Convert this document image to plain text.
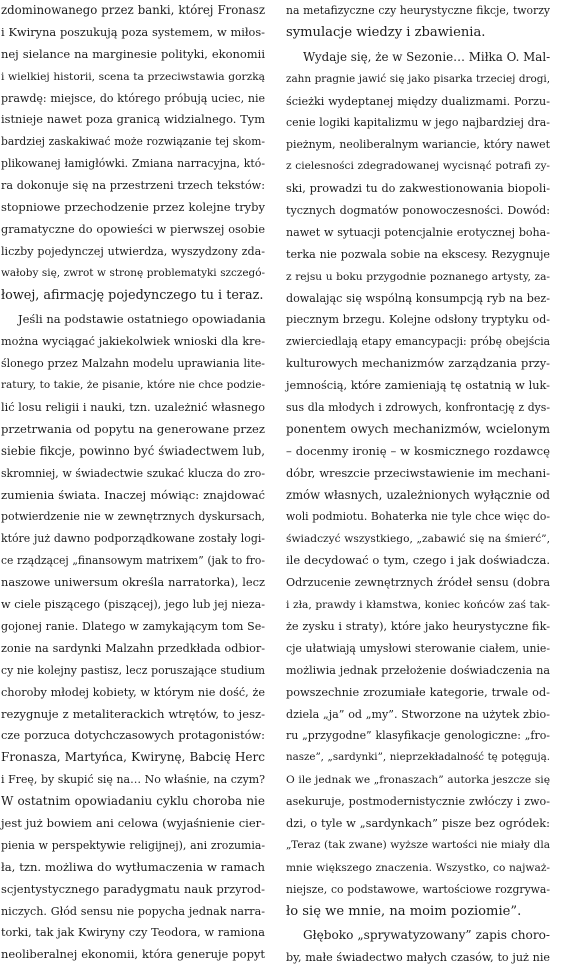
zdominowanego przez banki, której Fronasz
i Kwiryna poszukują poza systemem, w miłos-
nej sielance na marginesie polityki, ekonomii
i wielkiej historii, scena ta przeciwstawia gorzką
prawdę: miejsce, do którego próbują uciec, nie
istnieje nawet poza granicą widzialnego. Tym
bardziej zaskakiwać może rozwiązanie tej skom-
plikowanej łamigłówki. Zmiana narracyjna, któ-
ra dokonuje się na przestrzeni trzech tekstów:
stopniowe przechodzenie przez kolejne tryby
gramatyczne do opowieści w pierwszej osobie
liczby pojedynczej utwierdza, wyszydzony zda-
wałoby się, zwrot w stronę problematyki szczegó-
łowej, afirmację pojedynczego tu i teraz.
Jeśli na podstawie ostatniego opowiadania
można wyciągać jakiekolwiek wnioski dla kre-
ślonego przez Malzahn modelu uprawiania lite-
ratury, to takie, że pisanie, które nie chce podzie-
lić losu religii i nauki, tzn. uzależnić własnego
przetrwania od popytu na generowane przez
siebie fikcje, powinno być świadectwem lub,
skromniej, w świadectwie szukać klucza do zro-
zumienia świata. Inaczej mówiąc: znajdować
potwierdzenie nie w zewnętrznych dyskursach,
które już dawno podporządkowane zostały logi-
ce rządzącej „finansowym matrixem” (jak to fro-
naszowe uniwersum określa narratorka), lecz
w ciele piszącego (piszącej), jego lub jej nieza-
gojonej ranie. Dlatego w zamykającym tom Se-
zonie na sardynki Malzahn przedkłada odbior-
cy nie kolejny pastisz, lecz poruszające studium
choroby młodej kobiety, w którym nie dość, że
rezygnuje z metaliterackich wtrętów, to jesz-
cze porzuca dotychczasowych protagonistów:
Fronasza, Martyńca, Kwirynę, Babcię Herc
i Freę, by skupić się na… No właśnie, na czym?
W ostatnim opowiadaniu cyklu choroba nie
jest już bowiem ani celowa (wyjaśnienie cier-
pienia w perspektywie religijnej), ani zrozumia-
ła, tzn. możliwa do wytłumaczenia w ramach
scjentystycznego paradygmatu nauk przyrod-
niczych. Głód sensu nie popycha jednak narra-
torki, tak jak Kwiryny czy Teodora, w ramiona
neoliberalnej ekonomii, która generuje popyt
na metafizyczne czy heurystyczne fikcje, tworzy
symulacje wiedzy i zbawienia.
Wydaje się, że w Sezonie… Miłka O. Mal-
zahn pragnie jawić się jako pisarka trzeciej drogi,
ścieżki wydeptanej między dualizmami. Porzu-
cenie logiki kapitalizmu w jego najbardziej dra-
pieżnym, neoliberalnym wariancie, który nawet
z cielesności zdegradowanej wycisnąć potrafi zy-
ski, prowadzi tu do zakwestionowania biopoli-
tycznych dogmatów ponowoczesności. Dowód:
nawet w sytuacji potencjalnie erotycznej boha-
terka nie pozwala sobie na ekscesy. Rezygnuje
z rejsu u boku przygodnie poznanego artysty, za-
dowalając się wspólną konsumpcją ryb na bez-
piecznym brzegu. Kolejne odsłony tryptyku od-
zwierciedlają etapy emancypacji: próbę obejścia
kulturowych mechanizmów zarządzania przy-
jemnością, które zamieniają tę ostatnią w luk-
sus dla młodych i zdrowych, konfrontację z dys-
ponentem owych mechanizmów, wcielonym
– docenmy ironię – w kosmicznego rozdawcę
dóbr, wreszcie przeciwstawienie im mechani-
zmów własnych, uzależnionych wyłącznie od
woli podmiotu. Bohaterka nie tyle chce więc do-
świadczyć wszystkiego, „zabawić się na śmierć”,
ile decydować o tym, czego i jak doświadcza.
Odrzucenie zewnętrznych źródeł sensu (dobra
i zła, prawdy i kłamstwa, koniec końców zaś tak-
że zysku i straty), które jako heurystyczne fik-
cje ułatwiają umysłowi sterowanie ciałem, unie-
możliwia jednak przełożenie doświadczenia na
powszechnie zrozumiałe kategorie, trwale od-
dziela „ja” od „my”. Stworzone na użytek zbio-
ru „przygodne” klasyfikacje genologiczne: „fro-
nasze”, „sardynki”, nieprzekładalność tę potęgują.
O ile jednak we „fronaszach” autorka jeszcze się
asekuruje, postmodernistycznie zwłóczy i zwo-
dzi, o tyle w „sardynkach” pisze bez ogródek:
„Teraz (tak zwane) wyższe wartości nie miały dla
mnie większego znaczenia. Wszystko, co najważ-
niejsze, co podstawowe, wartościowe rozgrywa-
ło się we mnie, na moim poziomie”.
Głęboko „sprywatyzowany” zapis choro-
by, małe świadectwo małych czasów, to już nie
